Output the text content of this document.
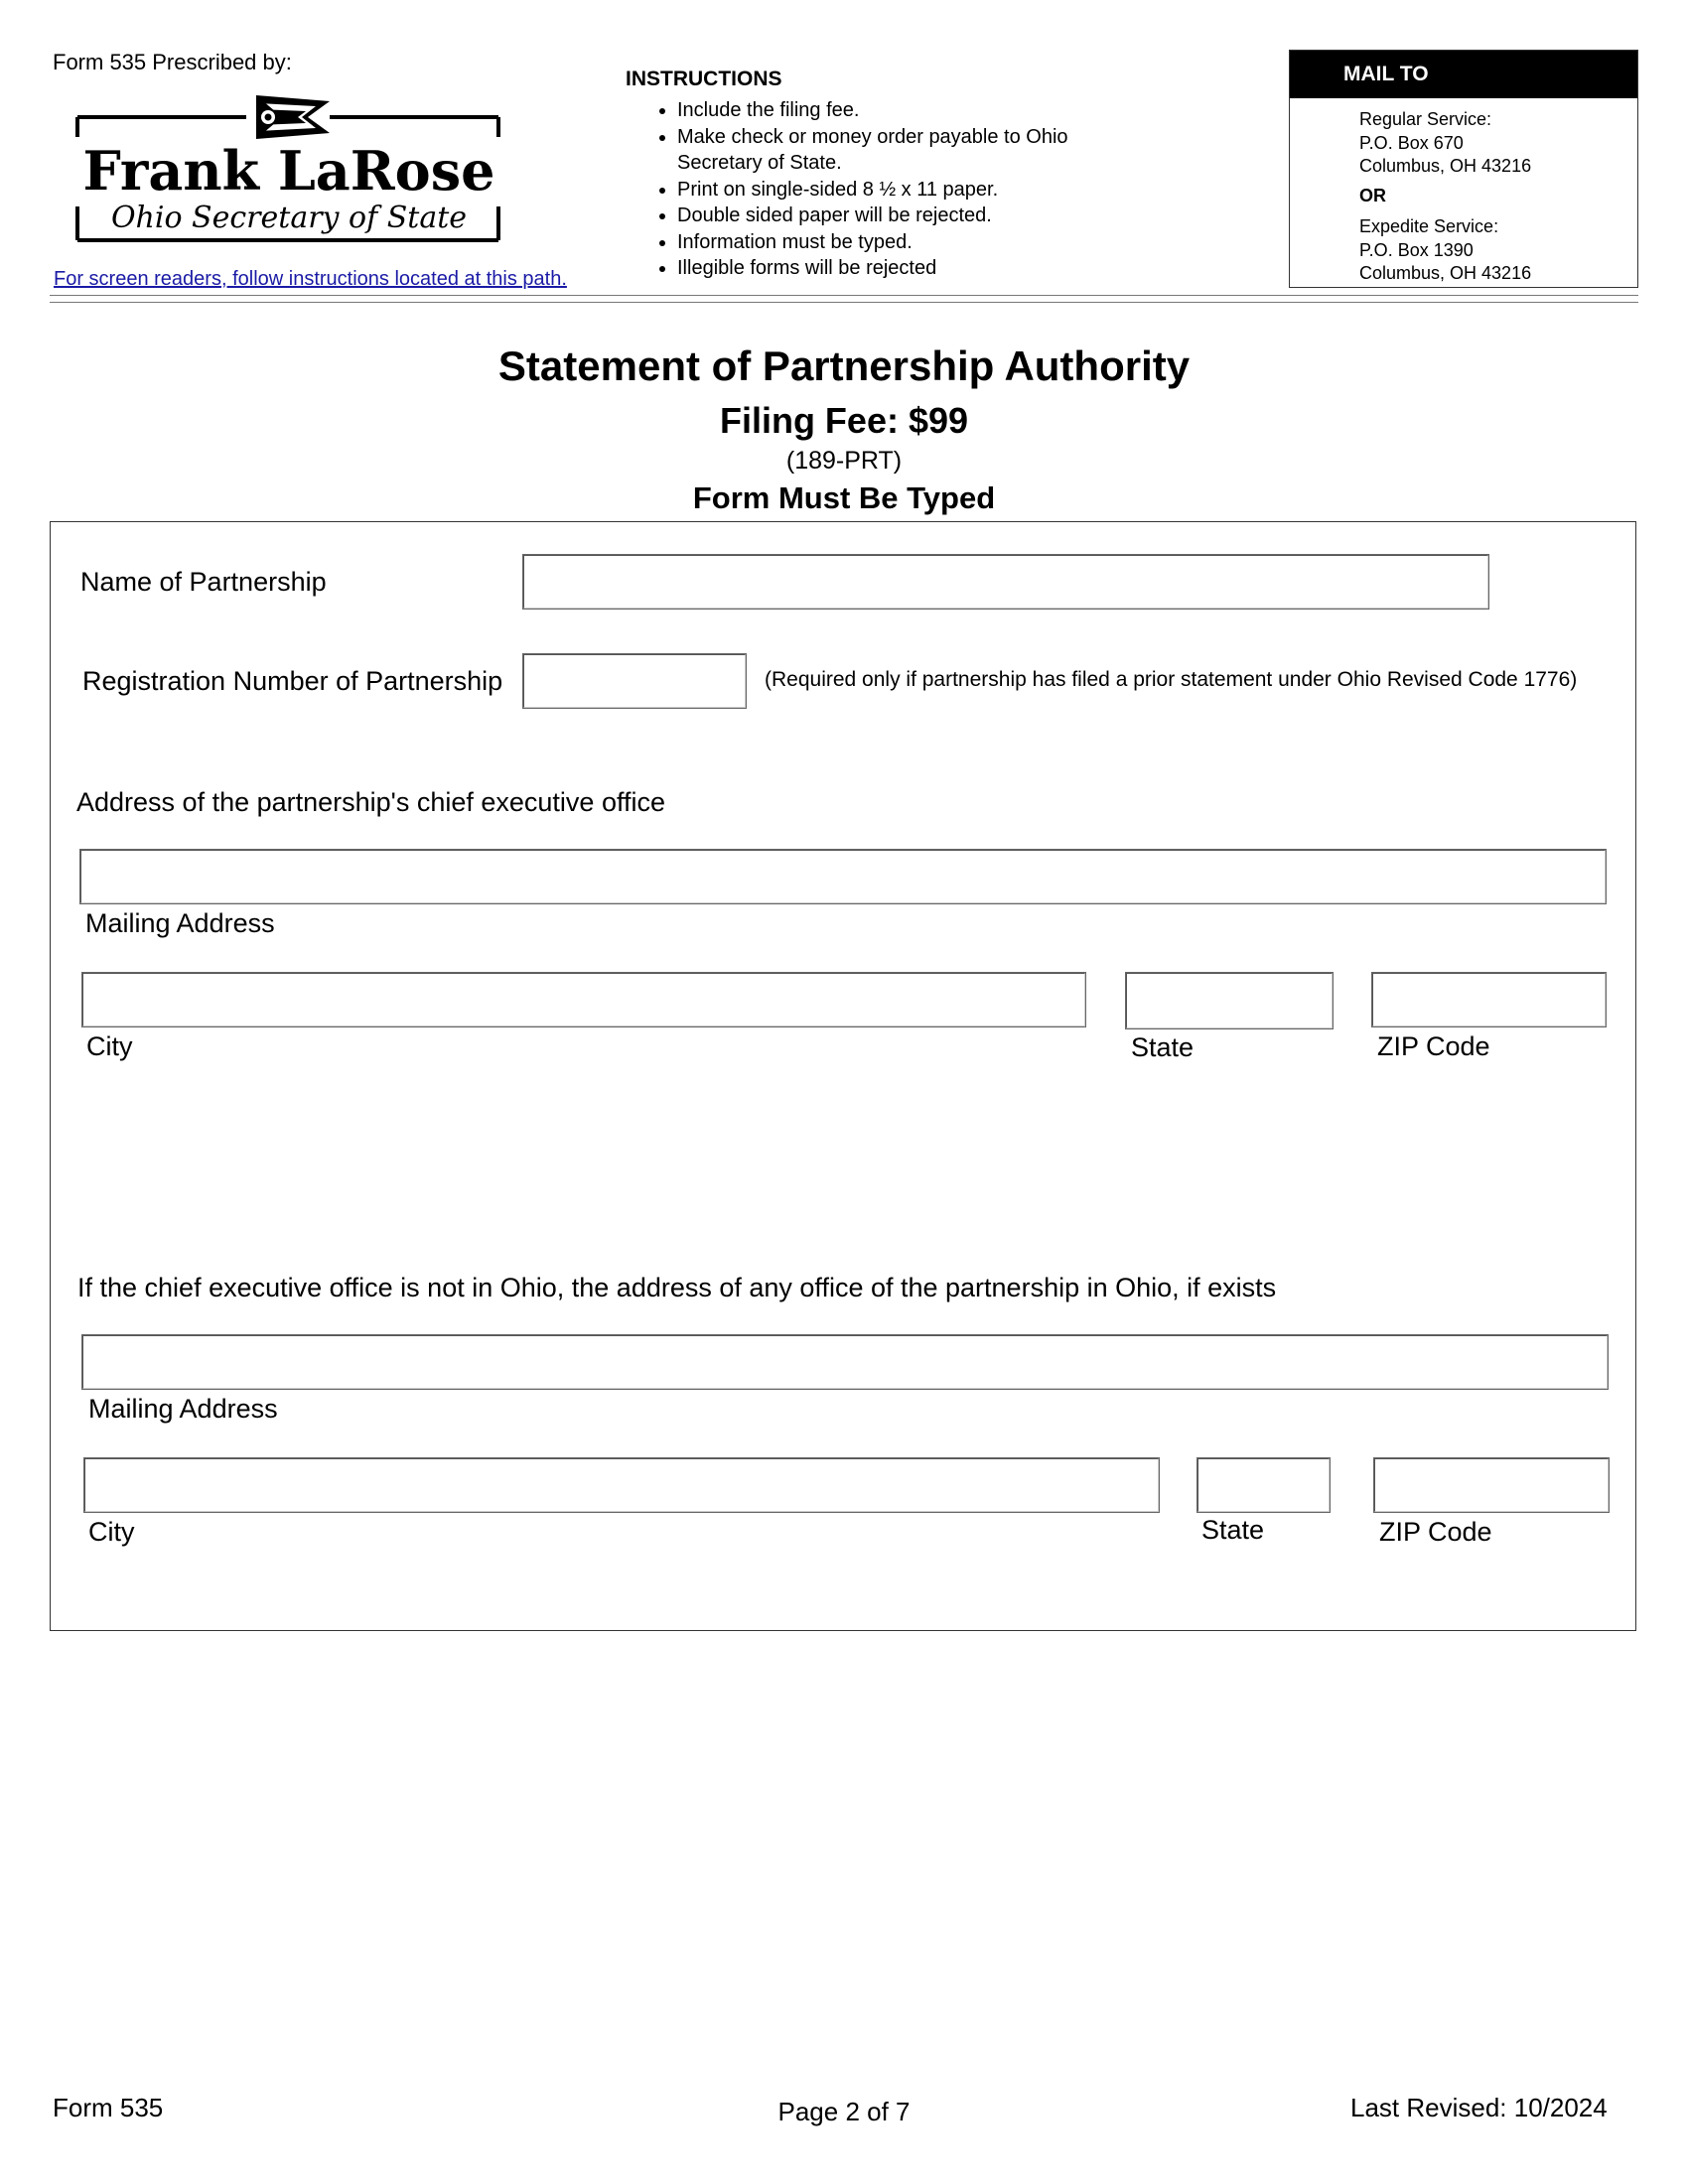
Form 535 Prescribed by:
Frank LaRose
Ohio Secretary of State
For screen readers, follow instructions located at this path.
INSTRUCTIONS
• Include the filing fee.
• Make check or money order payable to Ohio Secretary of State.
• Print on single-sided 8 ½ x 11 paper.
• Double sided paper will be rejected.
• Information must be typed.
• Illegible forms will be rejected
MAIL TO
Regular Service:
P.O. Box 670
Columbus, OH 43216
OR
Expedite Service:
P.O. Box 1390
Columbus, OH 43216
Statement of Partnership Authority
Filing Fee: $99
(189-PRT)
Form Must Be Typed
Name of Partnership
Registration Number of Partnership	(Required only if partnership has filed a prior statement under Ohio Revised Code 1776)
Address of the partnership's chief executive office
Mailing Address
City	State	ZIP Code
If the chief executive office is not in Ohio, the address of any office of the partnership in Ohio, if exists
Mailing Address
City	State	ZIP Code
Form 535	Page 2 of 7	Last Revised: 10/2024
